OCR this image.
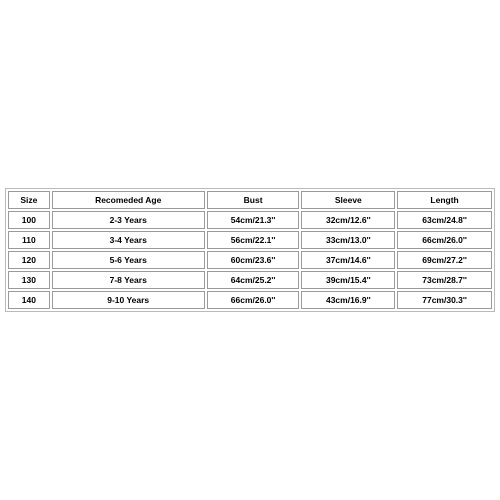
Size	Recomeded Age	Bust	Sleeve	Length
100	2-3 Years	54cm/21.3''	32cm/12.6''	63cm/24.8''
110	3-4 Years	56cm/22.1''	33cm/13.0''	66cm/26.0''
120	5-6 Years	60cm/23.6''	37cm/14.6''	69cm/27.2''
130	7-8 Years	64cm/25.2''	39cm/15.4''	73cm/28.7''
140	9-10 Years	66cm/26.0''	43cm/16.9''	77cm/30.3''
